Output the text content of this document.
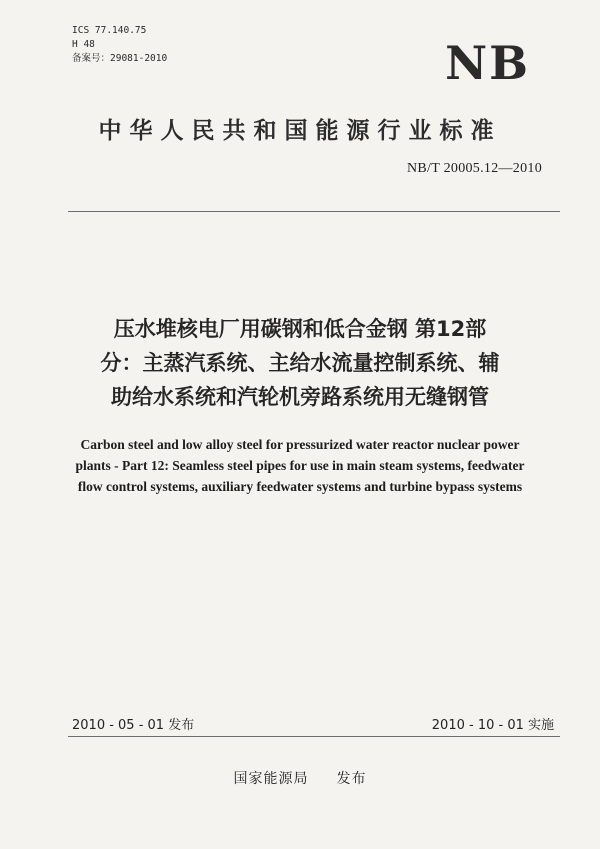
ICS 77.140.75
H 48
备案号：29081-2010	NB
中华人民共和国能源行业标准
NB/T 20005.12—2010
压水堆核电厂用碳钢和低合金钢 第12部
分：主蒸汽系统、主给水流量控制系统、辅
助给水系统和汽轮机旁路系统用无缝钢管
Carbon steel and low alloy steel for pressurized water reactor nuclear power
plants - Part 12: Seamless steel pipes for use in main steam systems, feedwater
flow control systems, auxiliary feedwater systems and turbine bypass systems
2010 - 05 - 01 发布	2010 - 10 - 01 实施
国家能源局 发布
